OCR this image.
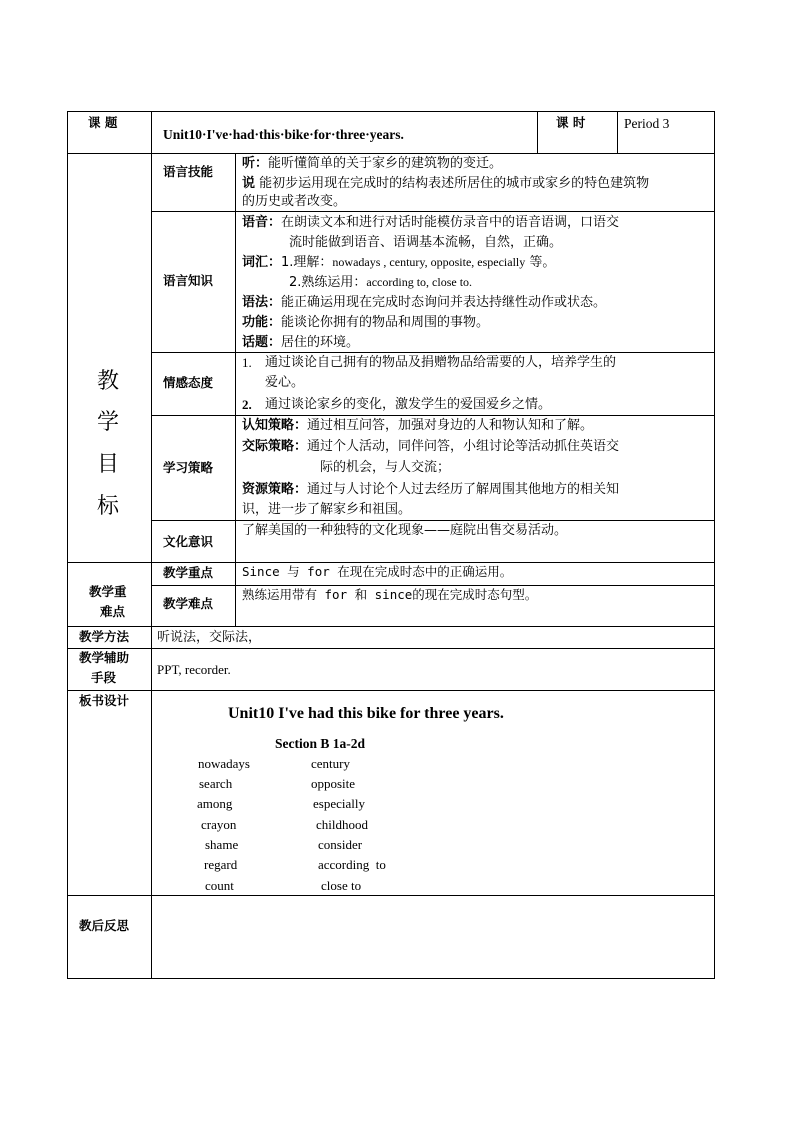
课 题
Unit10·I've·had·this·bike·for·three·years.
课 时	Period 3
教
学
目
标
语言技能
听：能听懂简单的关于家乡的建筑物的变迁。
说 能初步运用现在完成时的结构表述所居住的城市或家乡的特色建筑物
的历史或者改变。
语言知识
语音：在朗读文本和进行对话时能模仿录音中的语音语调，口语交
流时能做到语音、语调基本流畅，自然，正确。
词汇：1.理解：nowadays , century, opposite, especially 等。
2.熟练运用：according to, close to.
语法：能正确运用现在完成时态询问并表达持继性动作或状态。
功能：能谈论你拥有的物品和周围的事物。
话题：居住的环境。
情感态度
1. 通过谈论自己拥有的物品及捐赠物品给需要的人，培养学生的
爱心。
2. 通过谈论家乡的变化，激发学生的爱国爱乡之情。
学习策略
认知策略：通过相互问答，加强对身边的人和物认知和了解。
交际策略：通过个人活动，同伴问答，小组讨论等活动抓住英语交
际的机会，与人交流；
资源策略：通过与人讨论个人过去经历了解周围其他地方的相关知
识，进一步了解家乡和祖国。
文化意识
了解美国的一种独特的文化现象——庭院出售交易活动。
教学重
难点
教学重点 Since 与 for 在现在完成时态中的正确运用。
教学难点
熟练运用带有 for 和 since的现在完成时态句型。
教学方法 听说法，交际法，
教学辅助
手段
PPT, recorder.
板书设计
Unit10 I've had this bike for three years.
Section B 1a-2d
nowadays
search
among
crayon
shame
regard
count
century
opposite
especially
childhood
consider
according  to
close to
教后反思
